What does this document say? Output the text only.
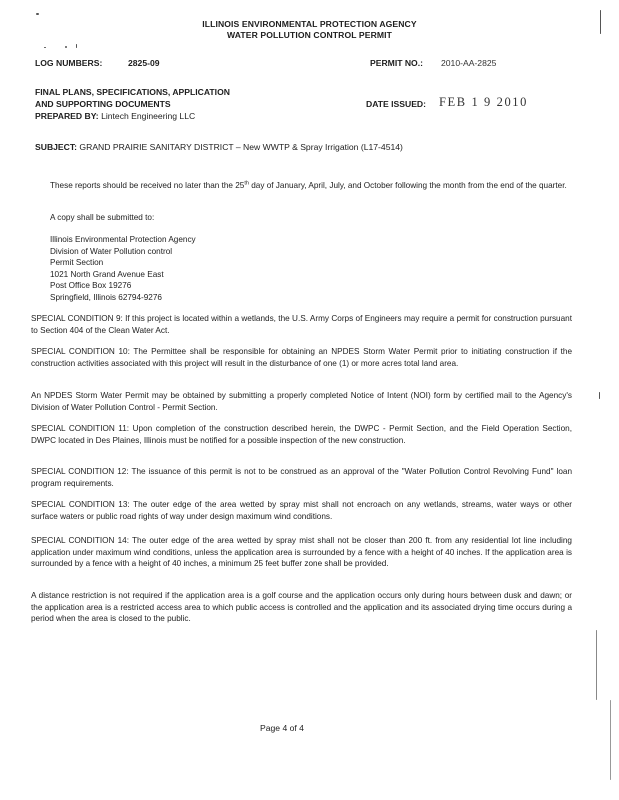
ILLINOIS ENVIRONMENTAL PROTECTION AGENCY
WATER POLLUTION CONTROL PERMIT
LOG NUMBERS:	2825-09	PERMIT NO.: 2010-AA-2825
FINAL PLANS, SPECIFICATIONS, APPLICATION
AND SUPPORTING DOCUMENTS	DATE ISSUED: FEB 1 9 2010
PREPARED BY: Lintech Engineering LLC
SUBJECT: GRAND PRAIRIE SANITARY DISTRICT – New WWTP & Spray Irrigation (L17-4514)
These reports should be received no later than the 25th day of January, April, July, and October following the month from the end of the quarter.
A copy shall be submitted to:
Illinois Environmental Protection Agency
Division of Water Pollution control
Permit Section
1021 North Grand Avenue East
Post Office Box 19276
Springfield, Illinois 62794-9276
SPECIAL CONDITION 9: If this project is located within a wetlands, the U.S. Army Corps of Engineers may require a permit for construction pursuant to Section 404 of the Clean Water Act.
SPECIAL CONDITION 10: The Permittee shall be responsible for obtaining an NPDES Storm Water Permit prior to initiating construction if the construction activities associated with this project will result in the disturbance of one (1) or more acres total land area.
An NPDES Storm Water Permit may be obtained by submitting a properly completed Notice of Intent (NOI) form by certified mail to the Agency's Division of Water Pollution Control - Permit Section.
SPECIAL CONDITION 11: Upon completion of the construction described herein, the DWPC - Permit Section, and the Field Operation Section, DWPC located in Des Plaines, Illinois must be notified for a possible inspection of the new construction.
SPECIAL CONDITION 12: The issuance of this permit is not to be construed as an approval of the "Water Pollution Control Revolving Fund" loan program requirements.
SPECIAL CONDITION 13: The outer edge of the area wetted by spray mist shall not encroach on any wetlands, streams, water ways or other surface waters or public road rights of way under design maximum wind conditions.
SPECIAL CONDITION 14: The outer edge of the area wetted by spray mist shall not be closer than 200 ft. from any residential lot line including application under maximum wind conditions, unless the application area is surrounded by a fence with a height of 40 inches. If the application area is surrounded by a fence with a height of 40 inches, a minimum 25 feet buffer zone shall be provided.
A distance restriction is not required if the application area is a golf course and the application occurs only during hours between dusk and dawn; or the application area is a restricted access area to which public access is controlled and the application and its associated drying time occurs during a period when the area is closed to the public.
Page 4 of 4
